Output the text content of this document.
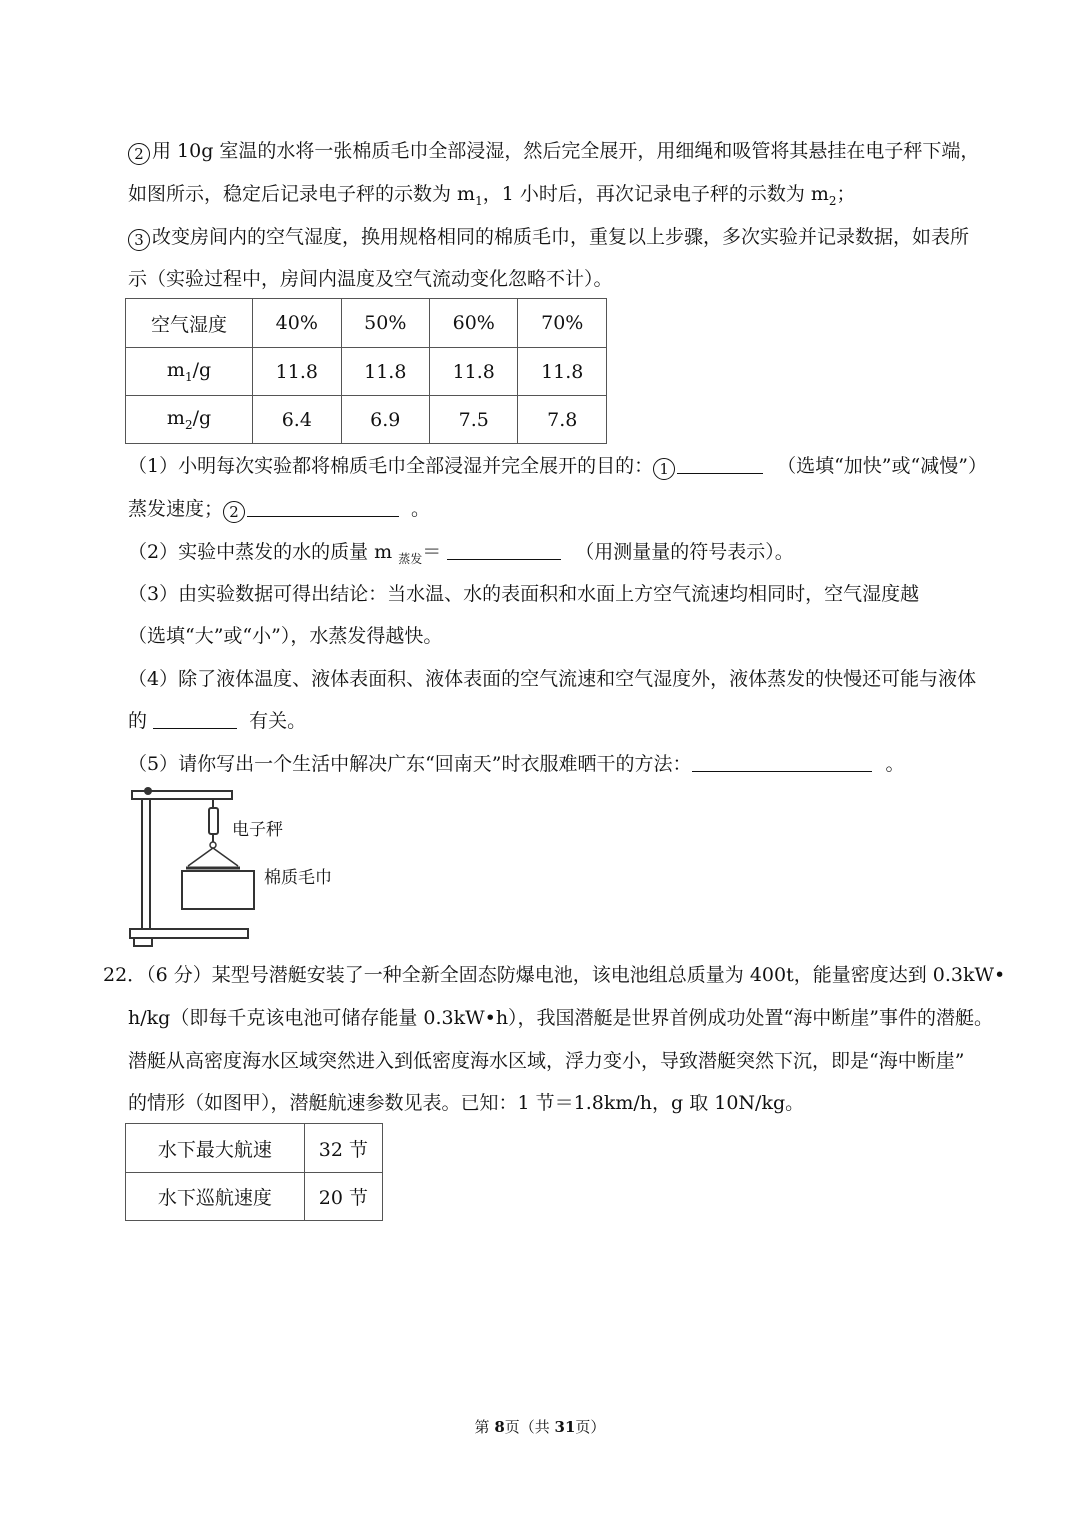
2 用 10g 室温的水将一张棉质毛巾全部浸湿，然后完全展开，用细绳和吸管将其悬挂在电子秤下端，
如图所示，稳定后记录电子秤的示数为 $m_1$，1 小时后，再次记录电子秤的示数为 $m_2$；
3 改变房间内的空气湿度，换用规格相同的棉质毛巾，重复以上步骤，多次实验并记录数据，如表所
示（实验过程中，房间内温度及空气流动变化忽略不计）。
空气湿度	40%	50%	60%	70%
$m_1/g$	11.8	11.8	11.8	11.8
$m_2/g$	6.4	6.9	7.5	7.8
（1）小明每次实验都将棉质毛巾全部浸湿并完全展开的目的： 1	（选填“加快”或“减慢”）
蒸发速度； 2	。
（2）实验中蒸发的水的质量 m $_{蒸发}$＝	（用测量量的符号表示）。
（3）由实验数据可得出结论：当水温、水的表面积和水面上方空气流速均相同时，空气湿度越
（选填“大”或“小”），水蒸发得越快。
（4）除了液体温度、液体表面积、液体表面的空气流速和空气湿度外，液体蒸发的快慢还可能与液体
的	有关。
（5）请你写出一个生活中解决广东“回南天”时衣服难晒干的方法：	。
电子秤
棉质毛巾
22．（6 分）某型号潜艇安装了一种全新全固态防爆电池，该电池组总质量为 400t，能量密度达到 0.3kW•
h/kg（即每千克该电池可储存能量 0.3kW•h），我国潜艇是世界首例成功处置“海中断崖”事件的潜艇。
潜艇从高密度海水区域突然进入到低密度海水区域，浮力变小，导致潜艇突然下沉，即是“海中断崖”
的情形（如图甲），潜艇航速参数见表。已知：1 节＝1.8km/h，g 取 10N/kg。
水下最大航速	32 节
水下巡航速度	20 节
第 8页（共 31页）
